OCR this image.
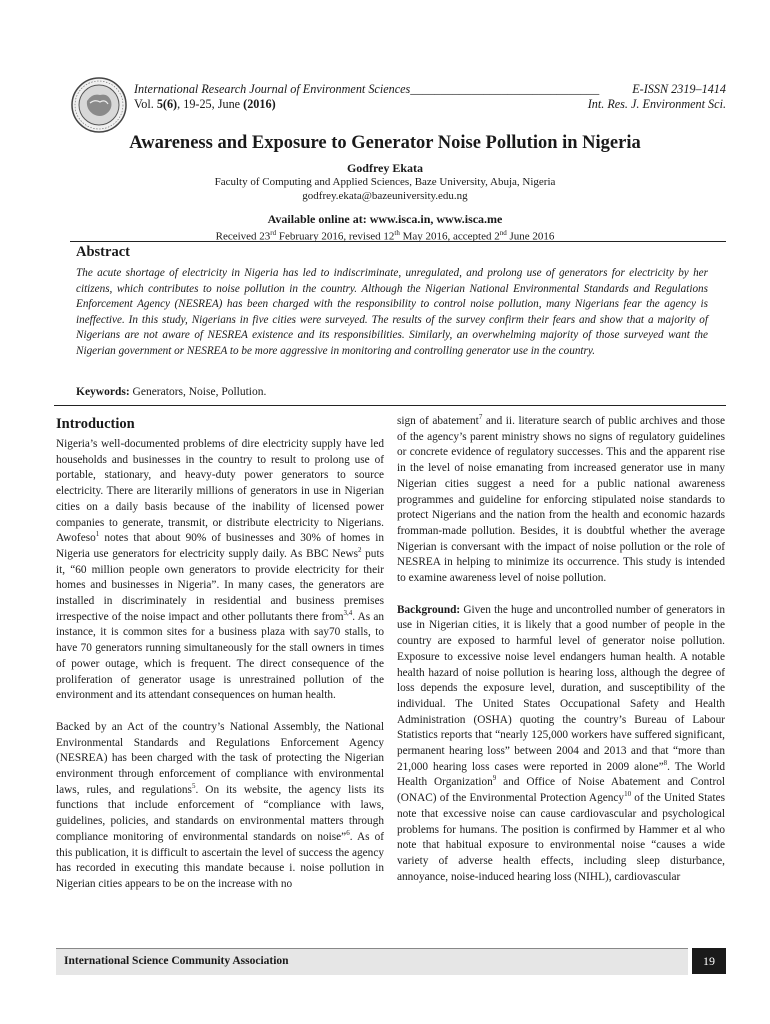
International Research Journal of Environment Sciences_______________________________	E-ISSN 2319–1414
Vol. 5(6), 19-25, June (2016)	Int. Res. J. Environment Sci.
Awareness and Exposure to Generator Noise Pollution in Nigeria
Godfrey Ekata
Faculty of Computing and Applied Sciences, Baze University, Abuja, Nigeria
godfrey.ekata@bazeuniversity.edu.ng
Available online at: www.isca.in, www.isca.me
Received 23rd February 2016, revised 12th May 2016, accepted 2nd June 2016
Abstract
The acute shortage of electricity in Nigeria has led to indiscriminate, unregulated, and prolong use of generators for electricity by her citizens, which contributes to noise pollution in the country. Although the Nigerian National Environmental Standards and Regulations Enforcement Agency (NESREA) has been charged with the responsibility to control noise pollution, many Nigerians fear the agency is ineffective. In this study, Nigerians in five cities were surveyed. The results of the survey confirm their fears and show that a majority of Nigerians are not aware of NESREA existence and its responsibilities. Similarly, an overwhelming majority of those surveyed want the Nigerian government or NESREA to be more aggressive in monitoring and controlling generator use in the country.
Keywords: Generators, Noise, Pollution.
Introduction

Nigeria’s well-documented problems of dire electricity supply have led households and businesses in the country to result to prolong use of portable, stationary, and heavy-duty power generators to source electricity. There are literarily millions of generators in use in Nigerian cities on a daily basis because of the inability of licensed power companies to generate, transmit, or distribute electricity to Nigerians. Awofeso$^1$ notes that about 90% of businesses and 30% of homes in Nigeria use generators for electricity supply daily. As BBC News$^2$ puts it, “60 million people own generators to provide electricity for their homes and businesses in Nigeria”. In many cases, the generators are installed in discriminately in residential and business premises irrespective of the noise impact and other pollutants there from$^{3,4}$. As an instance, it is common sites for a business plaza with say70 stalls, to have 70 generators running simultaneously for the stall owners in times of power outage, which is frequent. The direct consequence of the proliferation of generator usage is unrestrained pollution of the environment and its attendant consequences on human health.

Backed by an Act of the country’s National Assembly, the National Environmental Standards and Regulations Enforcement Agency (NESREA) has been charged with the task of protecting the Nigerian environment through enforcement of compliance with environmental laws, rules, and regulations$^5$. On its website, the agency lists its functions that include enforcement of “compliance with laws, guidelines, policies, and standards on environmental matters through compliance monitoring of environmental standards on noise”$^6$. As of this publication, it is difficult to ascertain the level of success the agency has recorded in executing this mandate because i. noise pollution in Nigerian cities appears to be on the increase with no

sign of abatement$^7$ and ii. literature search of public archives and those of the agency’s parent ministry shows no signs of regulatory guidelines or concrete evidence of regulatory successes. This and the apparent rise in the level of noise emanating from increased generator use in many Nigerian cities suggest a need for a public national awareness programmes and guideline for enforcing stipulated noise standards to protect Nigerians and the nation from the health and economic hazards fromman-made pollution. Besides, it is doubtful whether the average Nigerian is conversant with the impact of noise pollution or the role of NESREA in helping to minimize its occurrence. This study is intended to examine awareness level of noise pollution.

Background: Given the huge and uncontrolled number of generators in use in Nigerian cities, it is likely that a good number of people in the country are exposed to harmful level of generator noise pollution. Exposure to excessive noise level endangers human health. A notable health hazard of noise pollution is hearing loss, although the degree of loss depends the exposure level, duration, and susceptibility of the individual. The United States Occupational Safety and Health Administration (OSHA) quoting the country’s Bureau of Labour Statistics reports that “nearly 125,000 workers have suffered significant, permanent hearing loss” between 2004 and 2013 and that “more than 21,000 hearing loss cases were reported in 2009 alone”$^8$. The World Health Organization$^9$ and Office of Noise Abatement and Control (ONAC) of the Environmental Protection Agency$^{10}$ of the United States note that excessive noise can cause cardiovascular and psychological problems for humans. The position is confirmed by Hammer et al who note that habitual exposure to environmental noise “causes a wide variety of adverse health effects, including sleep disturbance, annoyance, noise-induced hearing loss (NIHL), cardiovascular

International Science Community Association	19
